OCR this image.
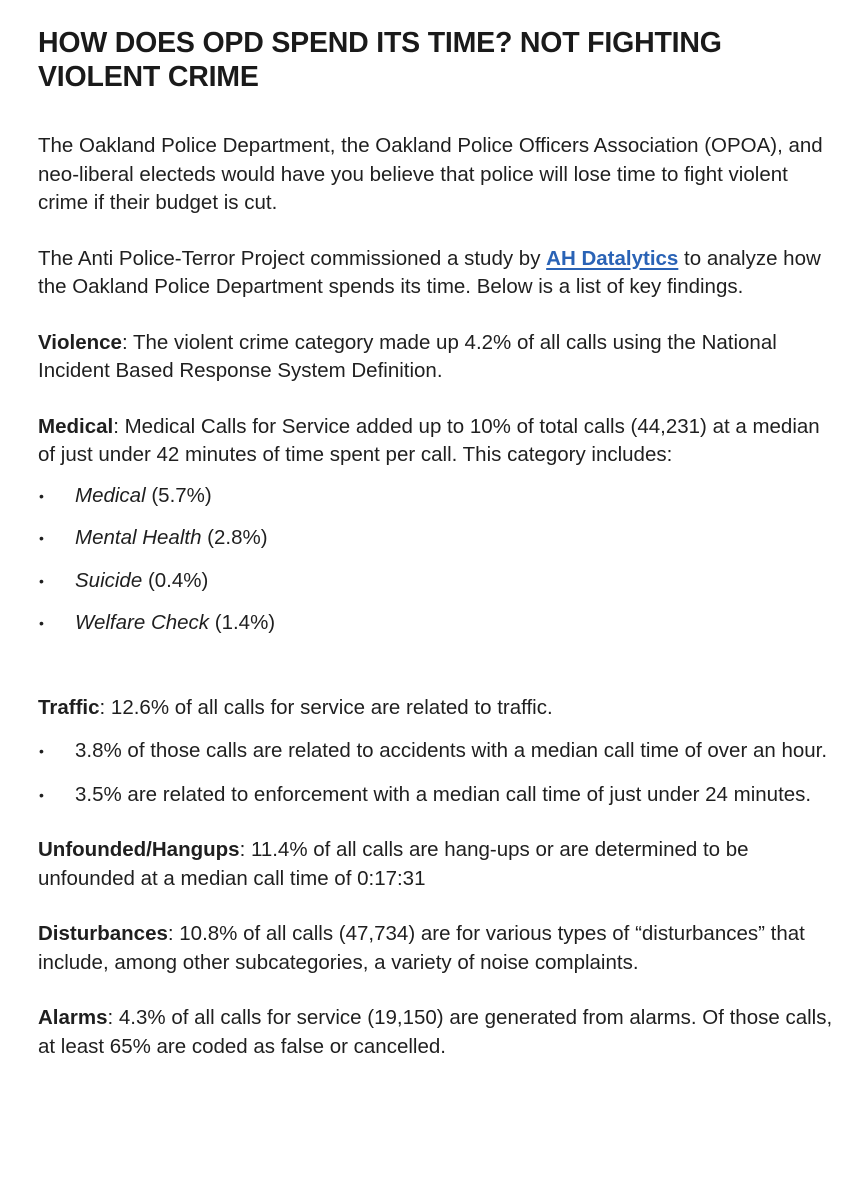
HOW DOES OPD SPEND ITS TIME? NOT FIGHTING VIOLENT CRIME

The Oakland Police Department, the Oakland Police Officers Association (OPOA), and neo-liberal electeds would have you believe that police will lose time to fight violent crime if their budget is cut.

The Anti Police-Terror Project commissioned a study by AH Datalytics to analyze how the Oakland Police Department spends its time. Below is a list of key findings.

Violence: The violent crime category made up 4.2% of all calls using the National Incident Based Response System Definition.

Medical: Medical Calls for Service added up to 10% of total calls (44,231) at a median of just under 42 minutes of time spent per call. This category includes:

• Medical (5.7%)
• Mental Health (2.8%)
• Suicide (0.4%)
• Welfare Check (1.4%)

Traffic: 12.6% of all calls for service are related to traffic.

• 3.8% of those calls are related to accidents with a median call time of over an hour.
• 3.5% are related to enforcement with a median call time of just under 24 minutes.

Unfounded/Hangups: 11.4% of all calls are hang-ups or are determined to be unfounded at a median call time of 0:17:31

Disturbances: 10.8% of all calls (47,734) are for various types of “disturbances” that include, among other subcategories, a variety of noise complaints.

Alarms: 4.3% of all calls for service (19,150) are generated from alarms. Of those calls, at least 65% are coded as false or cancelled.
